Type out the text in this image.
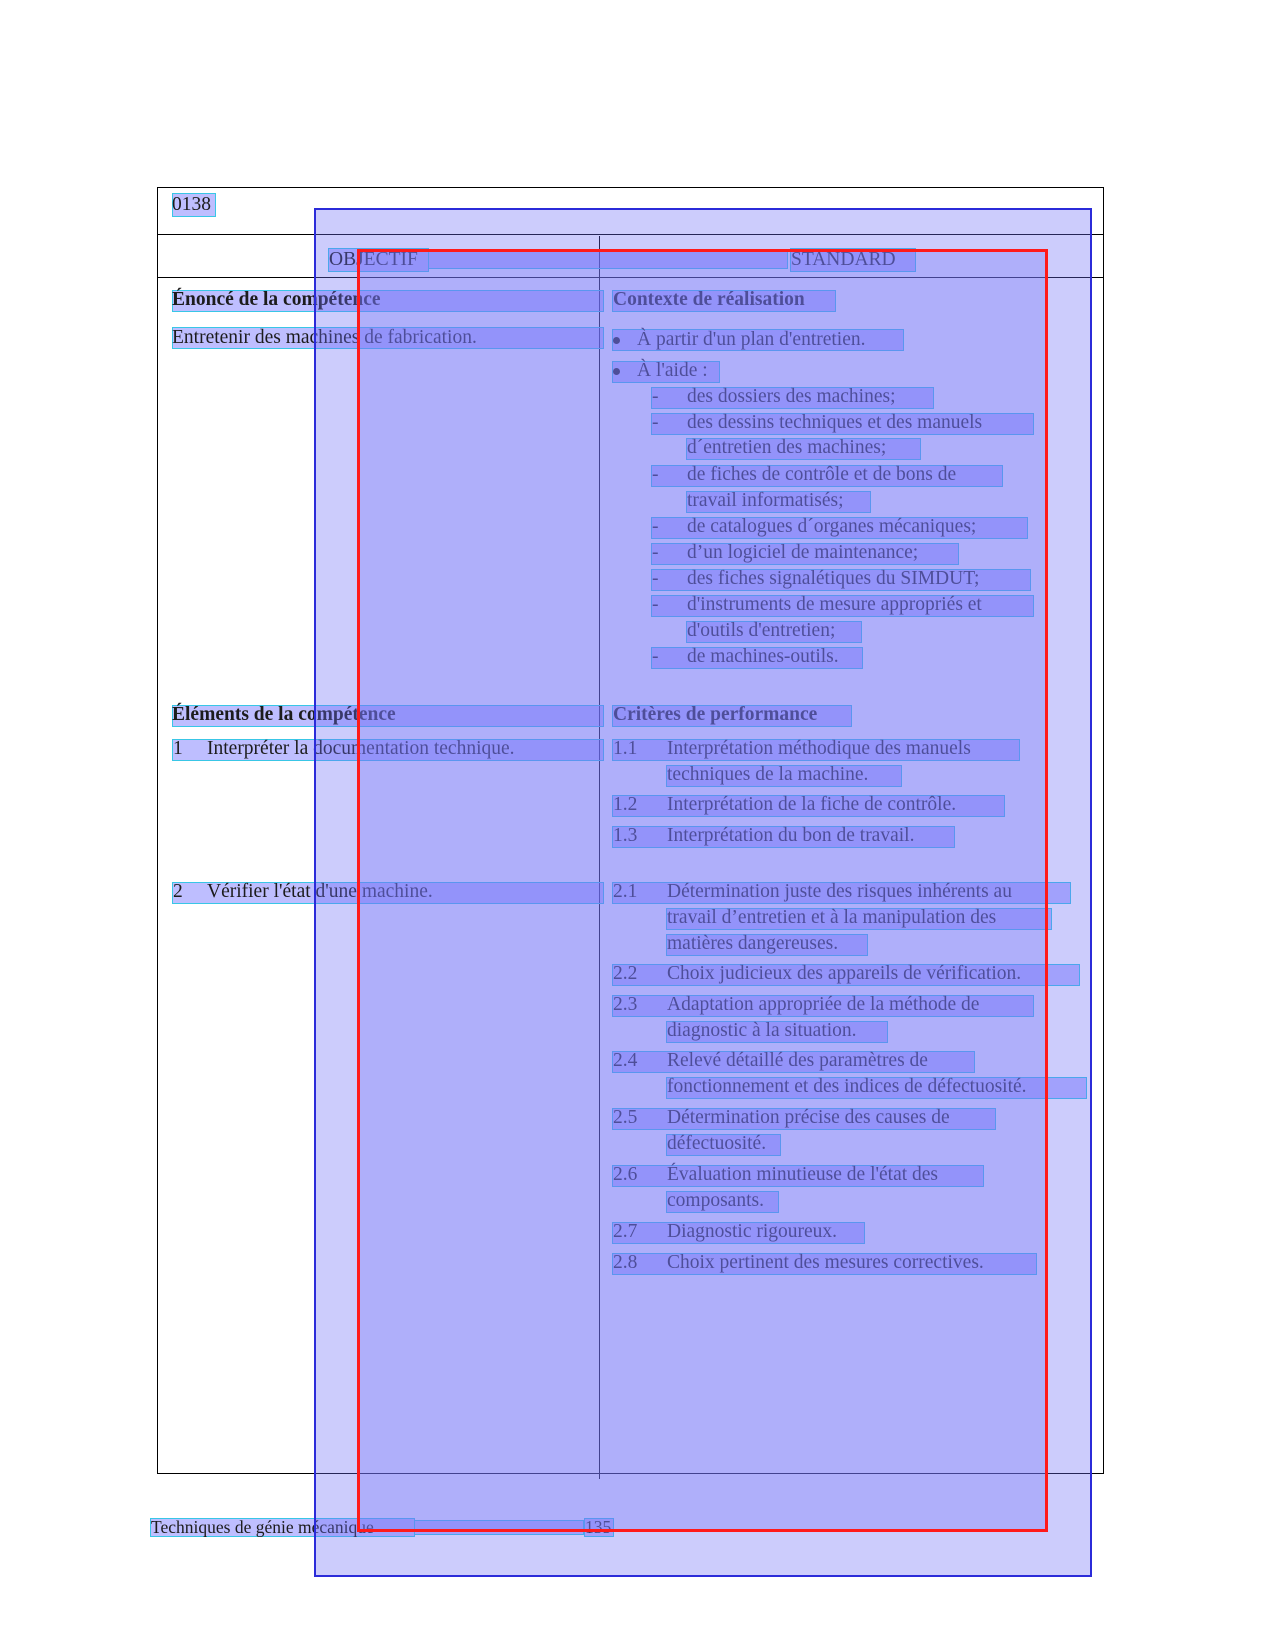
0138
OBJECTIF	STANDARD
Énoncé de la compétence
Entretenir des machines de fabrication.
Contexte de réalisation
À partir d'un plan d'entretien.
À l'aide :
- des dossiers des machines;
- des dessins techniques et des manuels
d´entretien des machines;
- de fiches de contrôle et de bons de
travail informatisés;
- de catalogues d´organes mécaniques;
- d’un logiciel de maintenance;
- des fiches signalétiques du SIMDUT;
- d'instruments de mesure appropriés et
d'outils d'entretien;
- de machines-outils.
Éléments de la compétence
1 Interpréter la documentation technique.
2 Vérifier l'état d'une machine.
Critères de performance
1.1 Interprétation méthodique des manuels
techniques de la machine.
1.2 Interprétation de la fiche de contrôle.
1.3 Interprétation du bon de travail.
2.1 Détermination juste des risques inhérents au
travail d’entretien et à la manipulation des
matières dangereuses.
2.2 Choix judicieux des appareils de vérification.
2.3 Adaptation appropriée de la méthode de
diagnostic à la situation.
2.4 Relevé détaillé des paramètres de
fonctionnement et des indices de défectuosité.
2.5 Détermination précise des causes de
défectuosité.
2.6 Évaluation minutieuse de l'état des
composants.
2.7 Diagnostic rigoureux.
2.8 Choix pertinent des mesures correctives.
Techniques de génie mécanique	135
